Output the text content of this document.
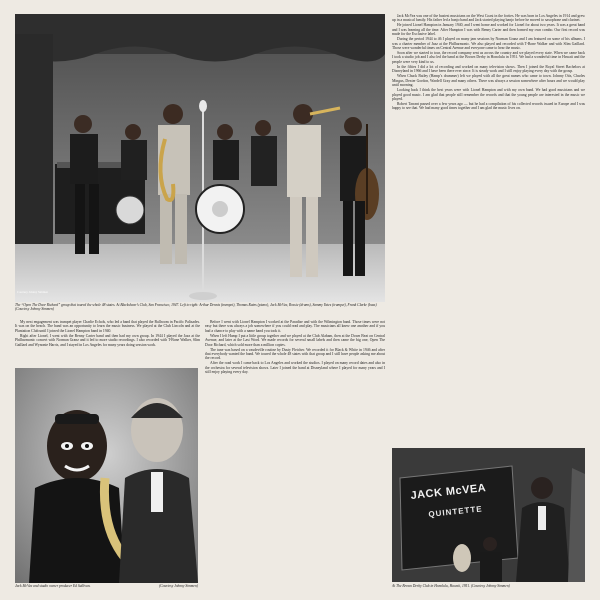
Courtesy Johnny Simmen
The “Open The Door Richard” group that toured the whole 48 states. At Blackshear’s Club, San Francisco, 1947. Left to right: Arthur Dennis (trumpet), Thomas Rains (piano), Jack McVea, Rossie (drums), Sammy Yates (trumpet), Frank Clarke (bass) (Courtesy Johnny Simmen)

My next engagement was trumpet player Charlie Echols, who led a band that played the Ballroom in Pacific Palisades. It was on the beach. The band was an opportunity to learn the music business. We played at the Club Lincoln and at the Plantation Club until I joined the Lionel Hampton band in 1940.

Right after Lionel, I went with the Benny Carter band and then had my own group. In 1944 I played the Jazz at the Philharmonic concert with Norman Granz and it led to more studio recordings. I also recorded with T-Bone Walker, Slim Gaillard and Wynonie Harris, and I stayed in Los Angeles for many years doing session work.

Jack McVea and studio owner producer Ed Sullivan.	(Courtesy Johnny Simmen)

Before I went with Lionel Hampton I worked at the Paradise and with the Wilmington band. Those times were not easy but there was always a job somewhere if you could read and play. The musicians all knew one another and if you had a chance to play with a name band you took it.

When I left Hamp I put a little group together and we played at the Club Alabam, then at the Down Beat on Central Avenue, and later at the Last Word. We made records for several small labels and then came the big one, Open The Door Richard, which sold more than a million copies.

The tune was based on a vaudeville routine by Dusty Fletcher. We recorded it for Black & White in 1946 and after that everybody wanted the band. We toured the whole 48 states with that group and I still have people asking me about the record.

After the road work I came back to Los Angeles and worked the studios. I played on many record dates and also in the orchestra for several television shows. Later I joined the band at Disneyland where I played for many years and I still enjoy playing every day.

Jack McVea was one of the busiest musicians on the West Coast in the forties. He was born in Los Angeles in 1914 and grew up in a musical family. His father led a banjo band and Jack started playing banjo before he moved to saxophone and clarinet.

He joined Lionel Hampton in January 1940, and I went home and worked for Lionel for about two years. It was a great band and I was learning all the time. After Hampton I was with Benny Carter and then formed my own combo. Our first record was made for the Exclusive label.

During the period 1944 to 46 I played on many jam sessions by Norman Granz and I am featured on some of his albums. I was a charter member of Jazz at the Philharmonic. We also played and recorded with T-Bone Walker and with Slim Gaillard. Those were wonderful times on Central Avenue and everyone came to hear the music.

Soon after we started to tour, the record company sent us across the country and we played every state. When we came back I took a studio job and I also led the band at the Brown Derby in Honolulu in 1951. We had a wonderful time in Hawaii and the people were very kind to us.

In the fifties I did a lot of recording and worked on many television shows. Then I joined the Royal Street Bachelors at Disneyland in 1966 and I have been there ever since. It is steady work and I still enjoy playing every day with the group.

When Chuck Bailey (Hamp’s drummer) left we played with all the great names who came to town. Johnny Otis, Charles Mingus, Dexter Gordon, Wardell Gray and many others. There was always a session somewhere after hours and we would play until morning.

Looking back I think the best years were with Lionel Hampton and with my own band. We had good musicians and we played good music. I am glad that people still remember the records and that the young people are interested in the music we played.

Robert Tarrant passed over a few years ago — but he had a compilation of his collected records issued in Europe and I was happy to see that. We had many good times together and I am glad the music lives on.

JACK McVEA
QUINTETTE
At The Brown Derby Club in Honolulu, Hawaii, 1951. (Courtesy Johnny Simmen)
